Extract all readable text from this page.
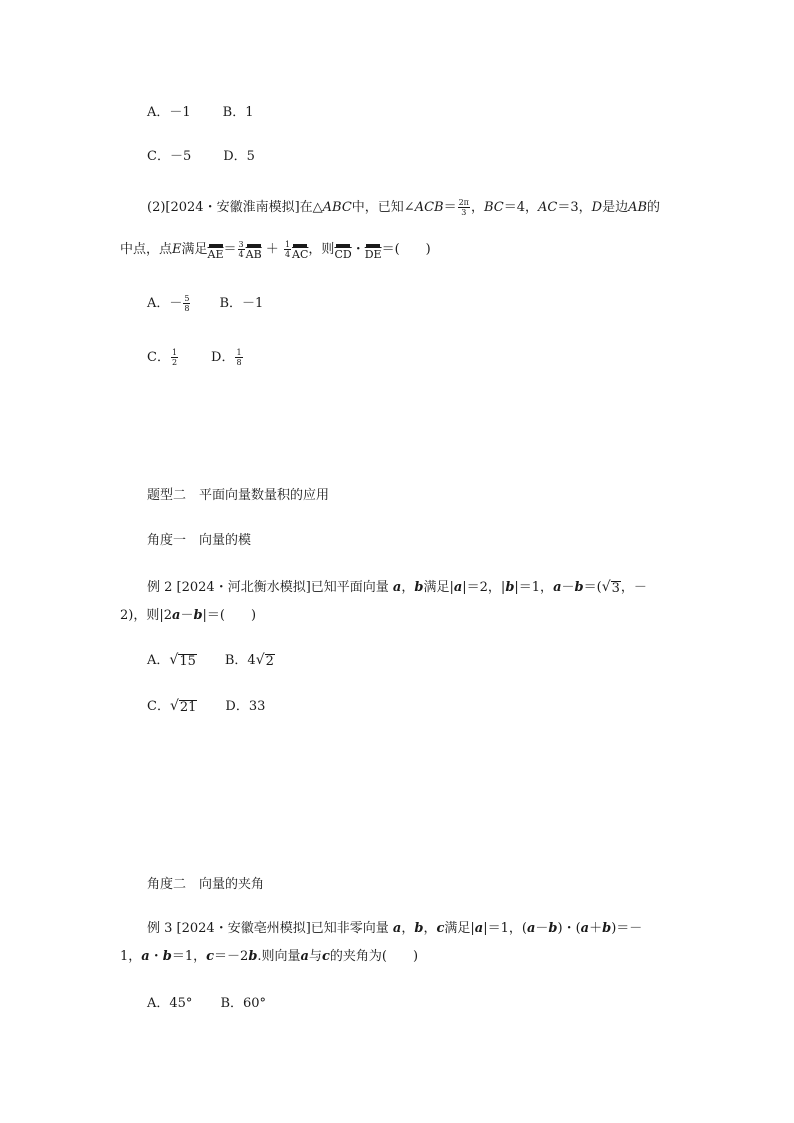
A．－1 B．1
C．－5 D．5
(2)[2024・安徽淮南模拟]在△ABC中，已知∠ACB＝ $\frac{2\pi}{3}$ ，BC＝4，AC＝3，D是边AB的
中点，点E满足 $\overline{AE} = \frac{3}{4} \overline{AB} + \frac{1}{4} \overline{AC}$ ，则 $\overline{CD}$ ・ $\overline{DE}$ ＝(　　)
A．－ $\frac{5}{8}$ B．－1
C． $\frac{1}{2}$	D． $\frac{1}{8}$
题型二　平面向量数量积的应用
角度一　向量的模
例 2 [2024・河北衡水模拟]已知平面向量 a，b满足|a|＝2，|b|＝1，a－b＝( √ 3 ，－
2)，则|2a－b|＝(　　)
A． √ 15 B．4 √ 2
C． √ 21 D．33
角度二　向量的夹角
例 3 [2024・安徽亳州模拟]已知非零向量 a，b，c满足|a|＝1，(a－b)・(a＋b)＝－
1，a・b＝1，c＝－2b.则向量a与c的夹角为(　　)
A．45° B．60°
